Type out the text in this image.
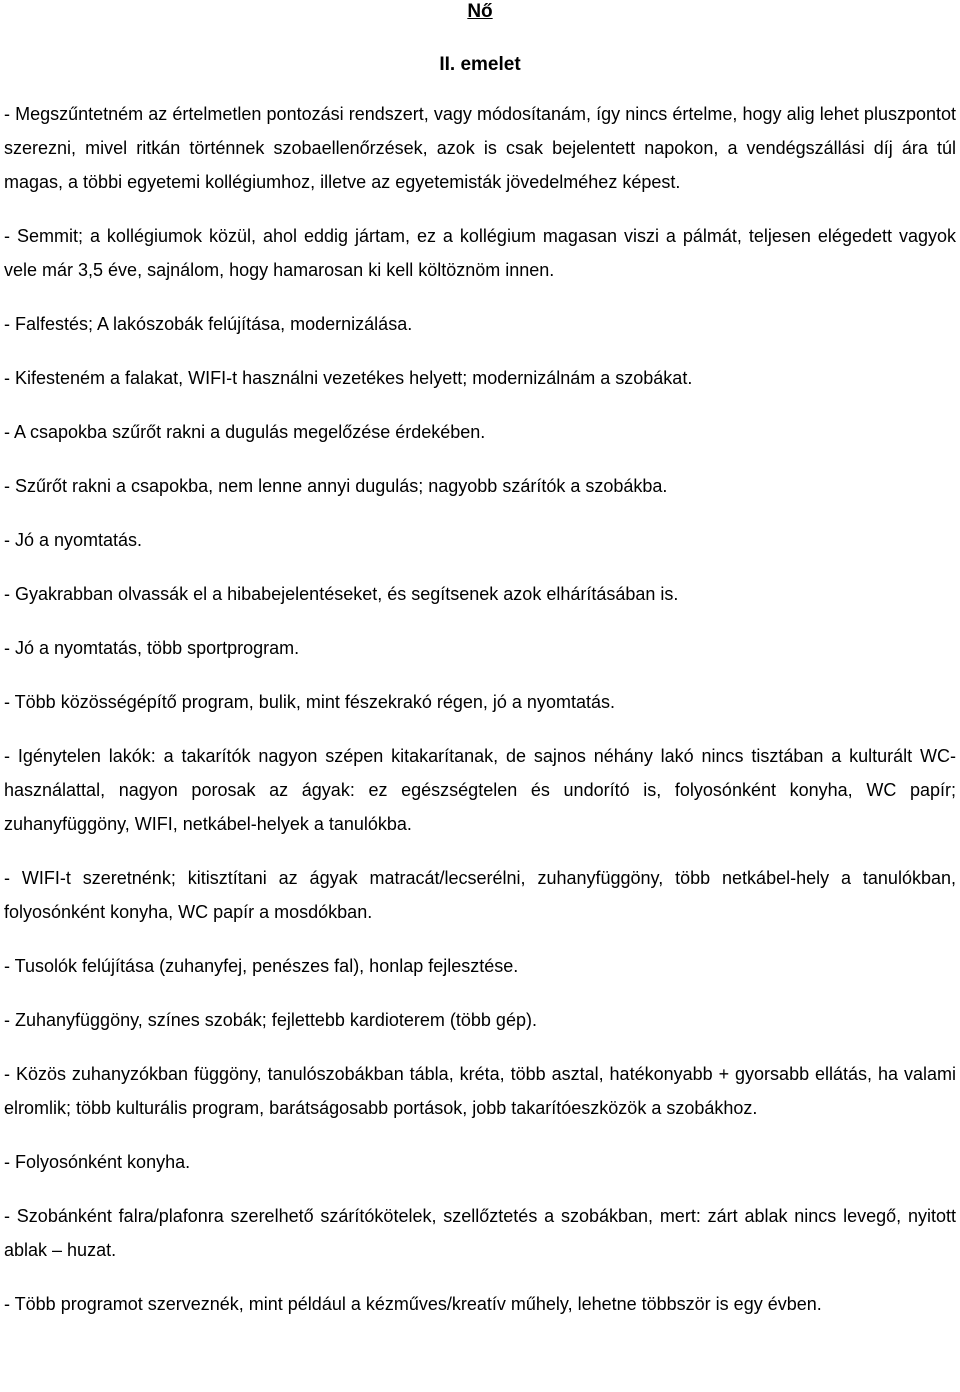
Nő

II. emelet

- Megszűntetném az értelmetlen pontozási rendszert, vagy módosítanám, így nincs értelme, hogy alig lehet pluszpontot szerezni, mivel ritkán történnek szobaellenőrzések, azok is csak bejelentett napokon, a vendégszállási díj ára túl magas, a többi egyetemi kollégiumhoz, illetve az egyetemisták jövedelméhez képest.

- Semmit; a kollégiumok közül, ahol eddig jártam, ez a kollégium magasan viszi a pálmát, teljesen elégedett vagyok vele már 3,5 éve, sajnálom, hogy hamarosan ki kell költöznöm innen.

- Falfestés; A lakószobák felújítása, modernizálása.

- Kifesteném a falakat, WIFI-t használni vezetékes helyett; modernizálnám a szobákat.

- A csapokba szűrőt rakni a dugulás megelőzése érdekében.

- Szűrőt rakni a csapokba, nem lenne annyi dugulás; nagyobb szárítók a szobákba.

- Jó a nyomtatás.

- Gyakrabban olvassák el a hibabejelentéseket, és segítsenek azok elhárításában is.

- Jó a nyomtatás, több sportprogram.

- Több közösségépítő program, bulik, mint fészekrakó régen, jó a nyomtatás.

- Igénytelen lakók: a takarítók nagyon szépen kitakarítanak, de sajnos néhány lakó nincs tisztában a kulturált WC-használattal, nagyon porosak az ágyak: ez egészségtelen és undorító is, folyosónként konyha, WC papír; zuhanyfüggöny, WIFI, netkábel-helyek a tanulókba.

- WIFI-t szeretnénk; kitisztítani az ágyak matracát/lecserélni, zuhanyfüggöny, több netkábel-hely a tanulókban, folyosónként konyha, WC papír a mosdókban.

- Tusolók felújítása (zuhanyfej, penészes fal), honlap fejlesztése.

- Zuhanyfüggöny, színes szobák; fejlettebb kardioterem (több gép).

- Közös zuhanyzókban függöny, tanulószobákban tábla, kréta, több asztal, hatékonyabb + gyorsabb ellátás, ha valami elromlik; több kulturális program, barátságosabb portások, jobb takarítóeszközök a szobákhoz.

- Folyosónként konyha.

- Szobánként falra/plafonra szerelhető szárítókötelek, szellőztetés a szobákban, mert: zárt ablak nincs levegő, nyitott ablak – huzat.

- Több programot szerveznék, mint például a kézműves/kreatív műhely, lehetne többször is egy évben.
